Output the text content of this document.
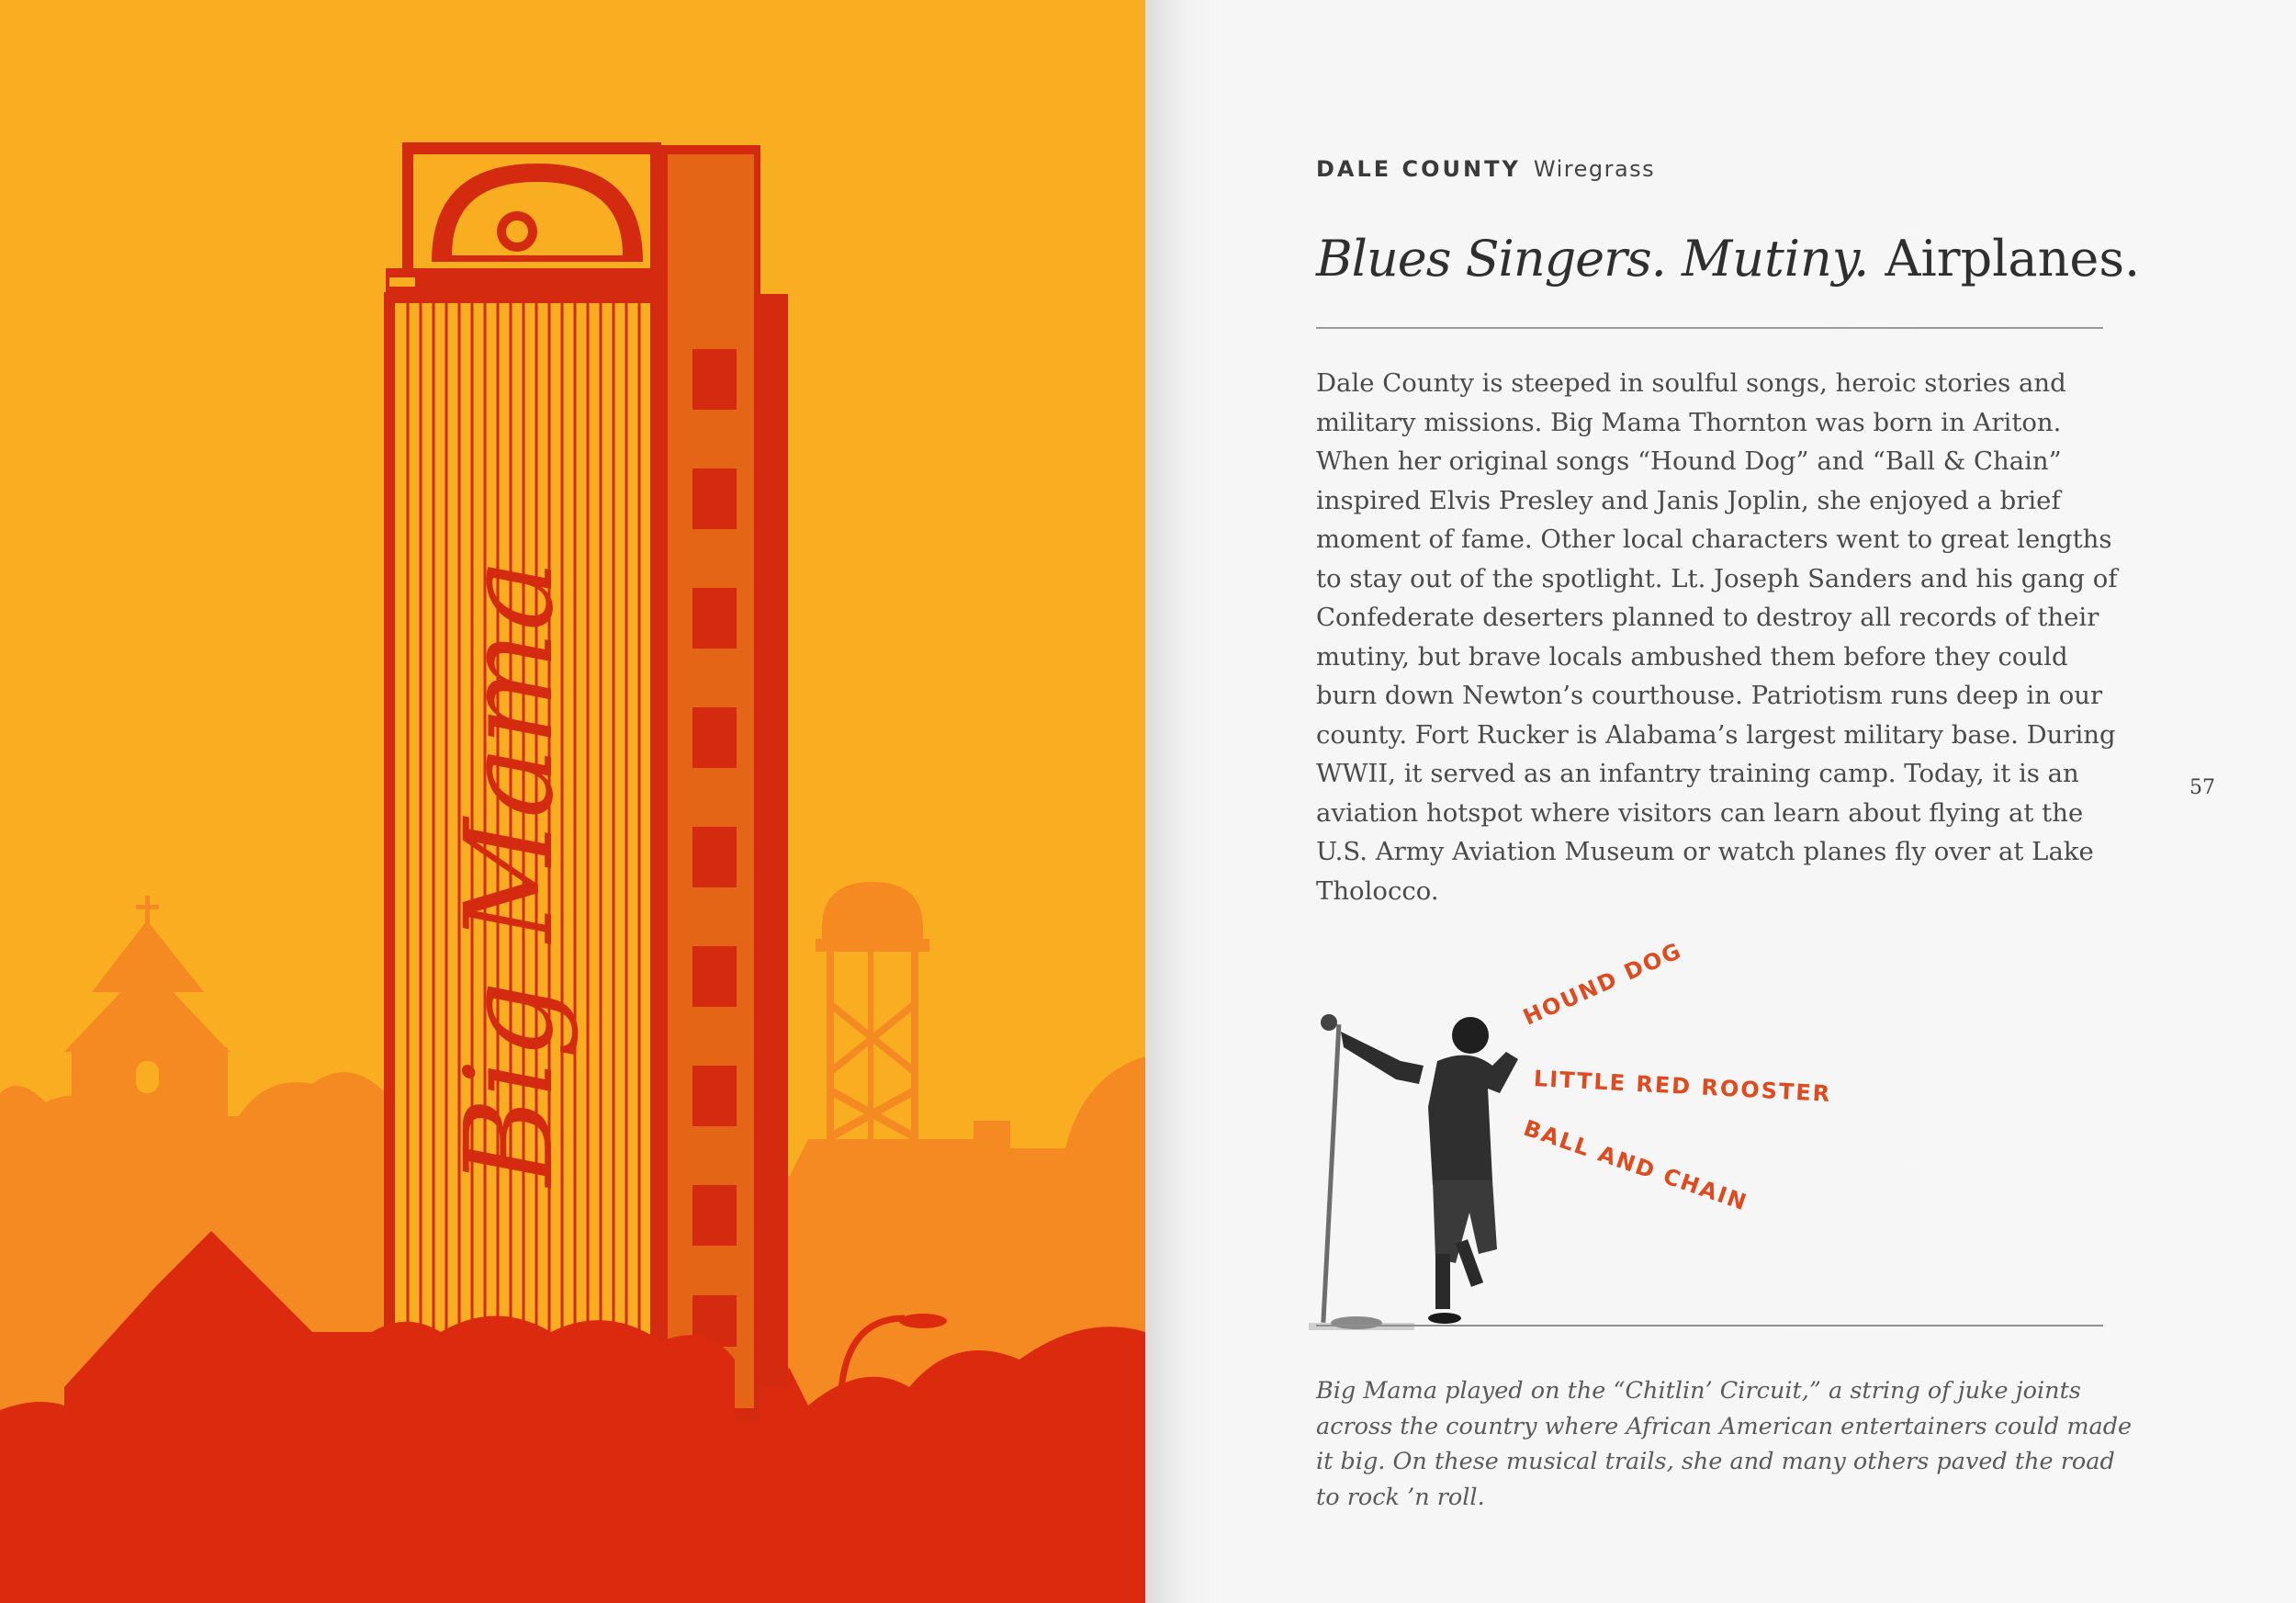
Big Mama
DALE COUNTY Wiregrass
Blues Singers. Mutiny. Airplanes.
Dale County is steeped in soulful songs, heroic stories and military missions. Big Mama Thornton was born in Ariton. When her original songs “Hound Dog” and “Ball & Chain” inspired Elvis Presley and Janis Joplin, she enjoyed a brief moment of fame. Other local characters went to great lengths to stay out of the spotlight. Lt. Joseph Sanders and his gang of Confederate deserters planned to destroy all records of their mutiny, but brave locals ambushed them before they could burn down Newton’s courthouse. Patriotism runs deep in our county. Fort Rucker is Alabama’s largest military base. During WWII, it served as an infantry training camp. Today, it is an aviation hotspot where visitors can learn about flying at the U.S. Army Aviation Museum or watch planes fly over at Lake Tholocco.
57
HOUND DOG
LITTLE RED ROOSTER
BALL AND CHAIN
Big Mama played on the “Chitlin’ Circuit,” a string of juke joints across the country where African American entertainers could made it big. On these musical trails, she and many others paved the road to rock ’n roll.
